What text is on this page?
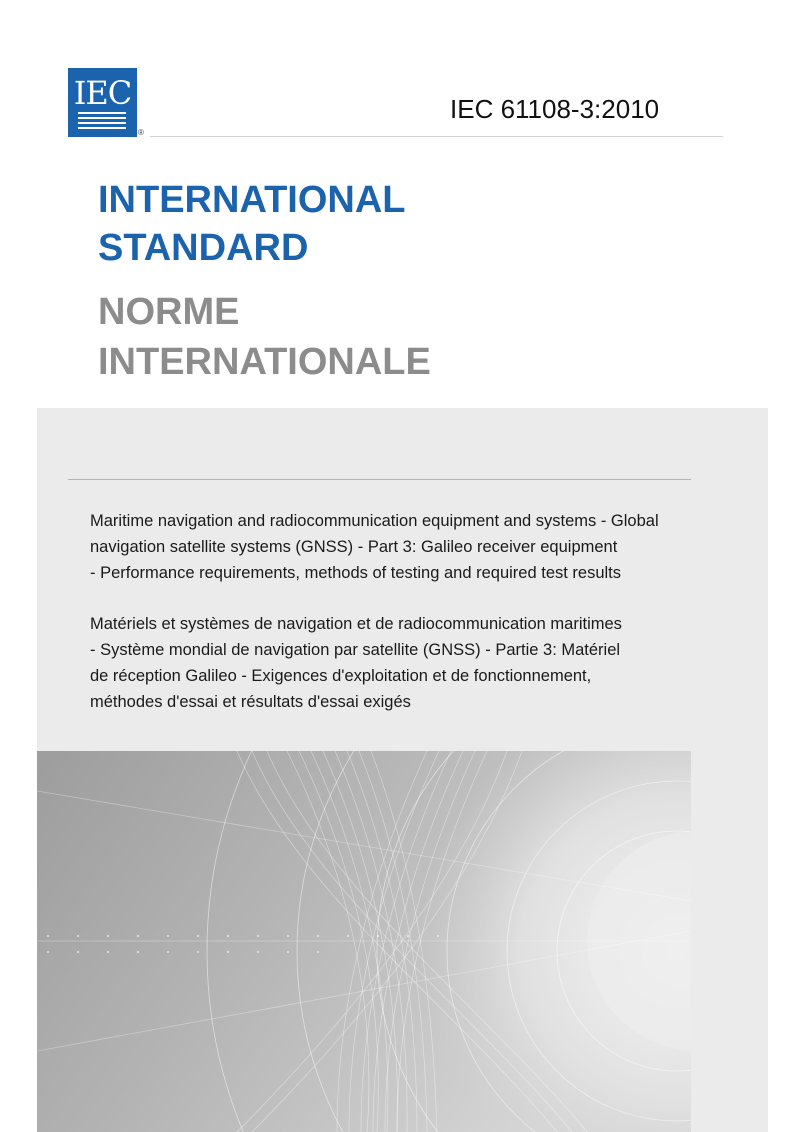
IEC
®
IEC 61108-3:2010
INTERNATIONAL
STANDARD
NORME
INTERNATIONALE
Maritime navigation and radiocommunication equipment and systems - Global
navigation satellite systems (GNSS) - Part 3: Galileo receiver equipment
- Performance requirements, methods of testing and required test results
Matériels et systèmes de navigation et de radiocommunication maritimes
- Système mondial de navigation par satellite (GNSS) - Partie 3: Matériel
de réception Galileo - Exigences d'exploitation et de fonctionnement,
méthodes d'essai et résultats d'essai exigés
